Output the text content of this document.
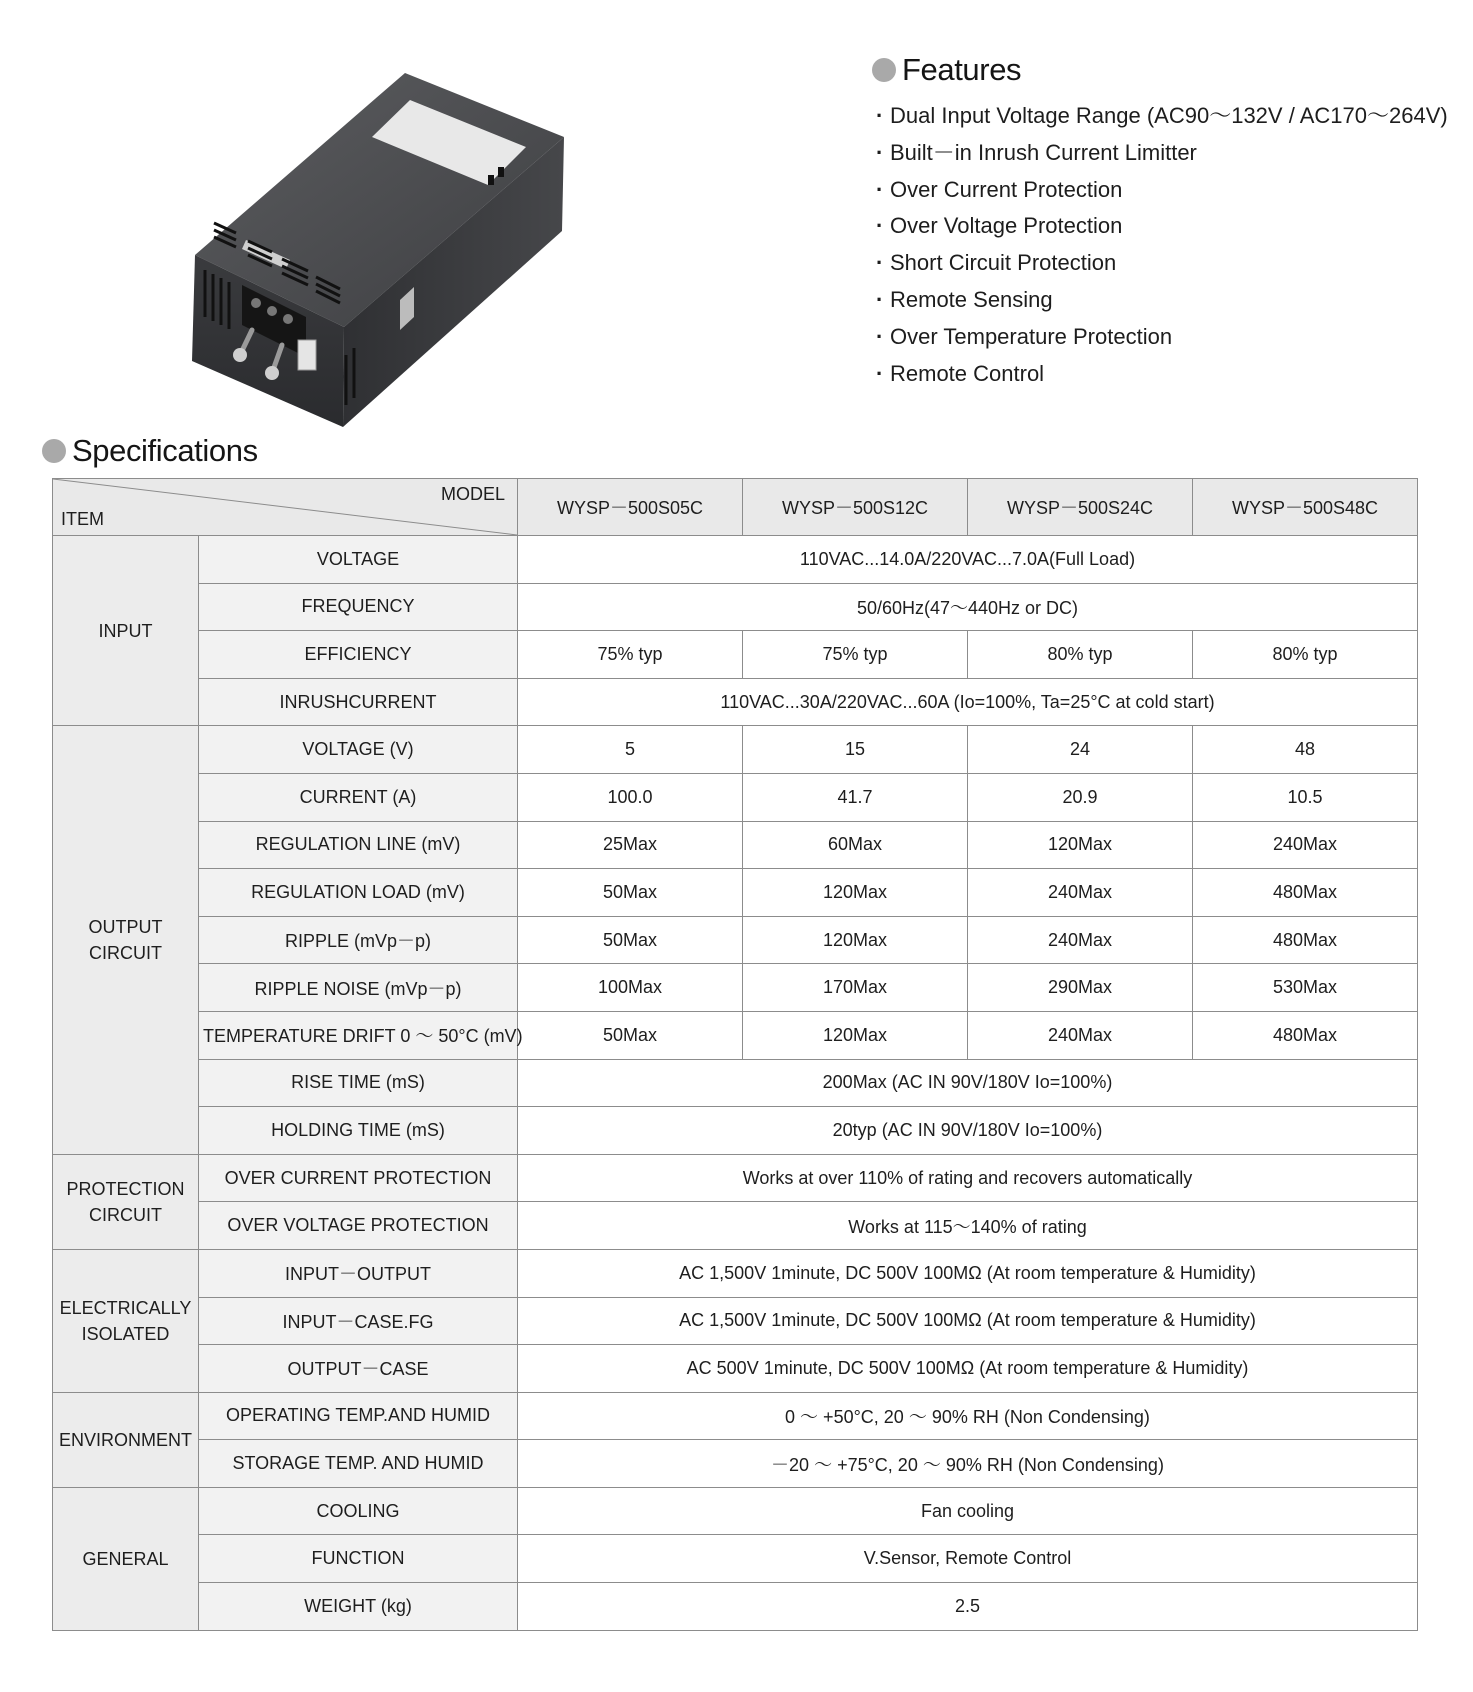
Features
· Dual Input Voltage Range (AC90～132V / AC170～264V)
· Built－in Inrush Current Limitter
· Over Current Protection
· Over Voltage Protection
· Short Circuit Protection
· Remote Sensing
· Over Temperature Protection
· Remote Control
Specifications
MODEL
ITEM		WYSP－500S05C	WYSP－500S12C	WYSP－500S24C	WYSP－500S48C
INPUT	VOLTAGE	110VAC...14.0A/220VAC...7.0A(Full Load)			
	FREQUENCY	50/60Hz(47～440Hz or DC)			
	EFFICIENCY	75% typ	75% typ	80% typ	80% typ
	INRUSHCURRENT	110VAC...30A/220VAC...60A (Io=100%, Ta=25°C at cold start)			
OUTPUT
CIRCUIT	VOLTAGE (V)	5	15	24	48
	CURRENT (A)	100.0	41.7	20.9	10.5
	REGULATION LINE (mV)	25Max	60Max	120Max	240Max
	REGULATION LOAD (mV)	50Max	120Max	240Max	480Max
	RIPPLE (mVp－p)	50Max	120Max	240Max	480Max
	RIPPLE NOISE (mVp－p)	100Max	170Max	290Max	530Max
	TEMPERATURE DRIFT 0 ～ 50°C (mV)	50Max	120Max	240Max	480Max
	RISE TIME (mS)	200Max (AC IN 90V/180V Io=100%)			
	HOLDING TIME (mS)	20typ (AC IN 90V/180V Io=100%)			
PROTECTION
CIRCUIT	OVER CURRENT PROTECTION	Works at over 110% of rating and recovers automatically			
	OVER VOLTAGE PROTECTION	Works at 115～140% of rating			
ELECTRICALLY
ISOLATED	INPUT－OUTPUT	AC 1,500V 1minute, DC 500V 100MΩ (At room temperature & Humidity)			
	INPUT－CASE.FG	AC 1,500V 1minute, DC 500V 100MΩ (At room temperature & Humidity)			
	OUTPUT－CASE	AC 500V 1minute, DC 500V 100MΩ (At room temperature & Humidity)			
ENVIRONMENT	OPERATING TEMP.AND HUMID	0 ～ +50°C, 20 ～ 90% RH (Non Condensing)			
	STORAGE TEMP. AND HUMID	－20 ～ +75°C, 20 ～ 90% RH (Non Condensing)			
GENERAL	COOLING	Fan cooling			
	FUNCTION	V.Sensor, Remote Control			
	WEIGHT (kg)	2.5			
